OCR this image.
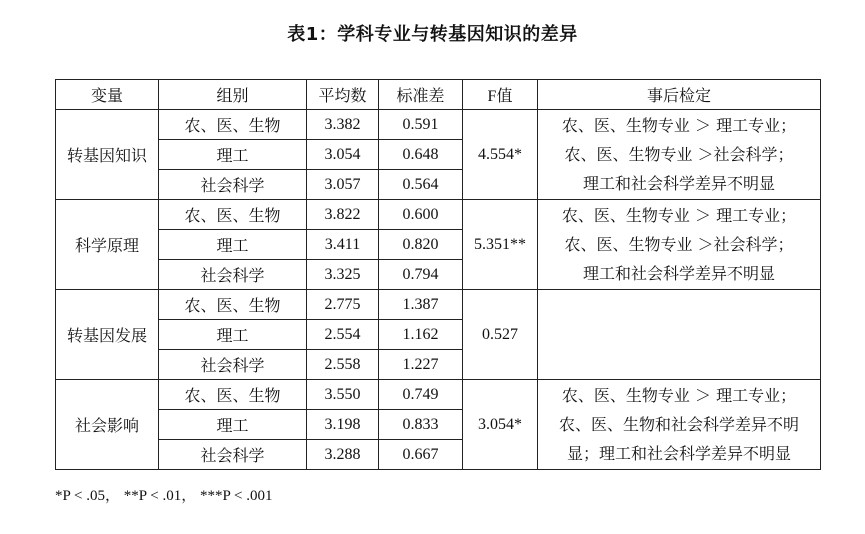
表1：学科专业与转基因知识的差异
变量	组别	平均数	标准差	F值	事后检定
转基因知识	农、医、生物	3.382	0.591	4.554*	农、医、生物专业 ＞ 理工专业；
农、医、生物专业 ＞社会科学；
理工和社会科学差异不明显

	理工	3.054	0.648		
	社会科学	3.057	0.564		
科学原理	农、医、生物	3.822	0.600	5.351**	农、医、生物专业 ＞ 理工专业；
农、医、生物专业 ＞社会科学；
理工和社会科学差异不明显

	理工	3.411	0.820		
	社会科学	3.325	0.794		
转基因发展	农、医、生物	2.775	1.387	0.527	
	理工	2.554	1.162		
	社会科学	2.558	1.227		
社会影响	农、医、生物	3.550	0.749	3.054*	农、医、生物专业 ＞ 理工专业；
农、医、生物和社会科学差异不明
显；理工和社会科学差异不明显

	理工	3.198	0.833		
	社会科学	3.288	0.667		
*P < .05， **P < .01， ***P < .001
